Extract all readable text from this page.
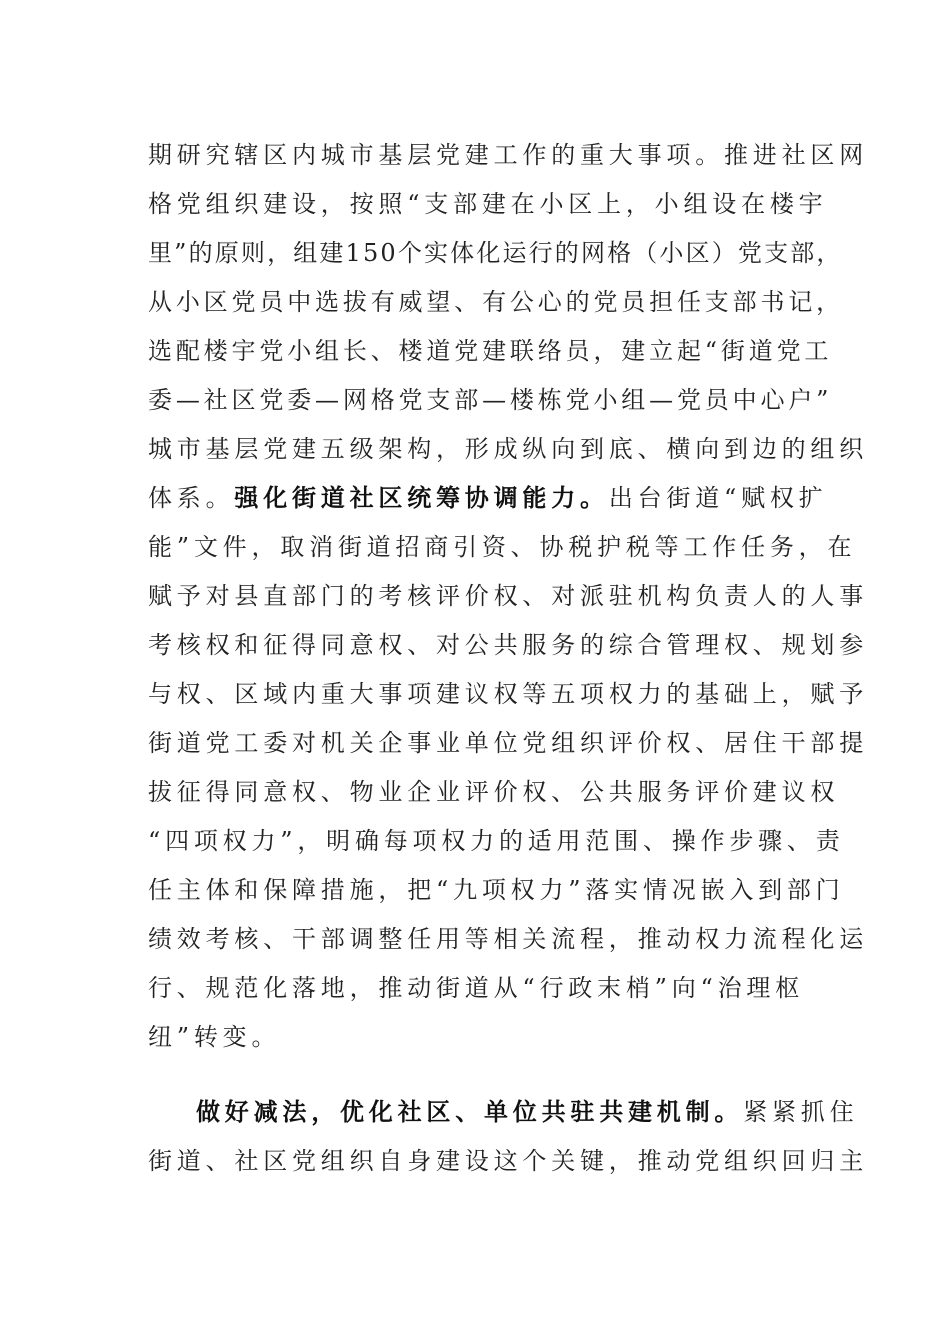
期研究辖区内城市基层党建工作的重大事项。推进社区网
格党组织建设，按照“支部建在小区上，小组设在楼宇
里”的原则，组建150个实体化运行的网格（小区）党支部，
从小区党员中选拔有威望、有公心的党员担任支部书记，
选配楼宇党小组长、楼道党建联络员，建立起“街道党工
委—社区党委—网格党支部—楼栋党小组—党员中心户”
城市基层党建五级架构，形成纵向到底、横向到边的组织
体系。强化街道社区统筹协调能力。出台街道“赋权扩
能”文件，取消街道招商引资、协税护税等工作任务，在
赋予对县直部门的考核评价权、对派驻机构负责人的人事
考核权和征得同意权、对公共服务的综合管理权、规划参
与权、区域内重大事项建议权等五项权力的基础上，赋予
街道党工委对机关企事业单位党组织评价权、居住干部提
拔征得同意权、物业企业评价权、公共服务评价建议权
“四项权力”，明确每项权力的适用范围、操作步骤、责
任主体和保障措施，把“九项权力”落实情况嵌入到部门
绩效考核、干部调整任用等相关流程，推动权力流程化运
行、规范化落地，推动街道从“行政末梢”向“治理枢
纽”转变。
做好减法，优化社区、单位共驻共建机制。紧紧抓住
街道、社区党组织自身建设这个关键，推动党组织回归主
